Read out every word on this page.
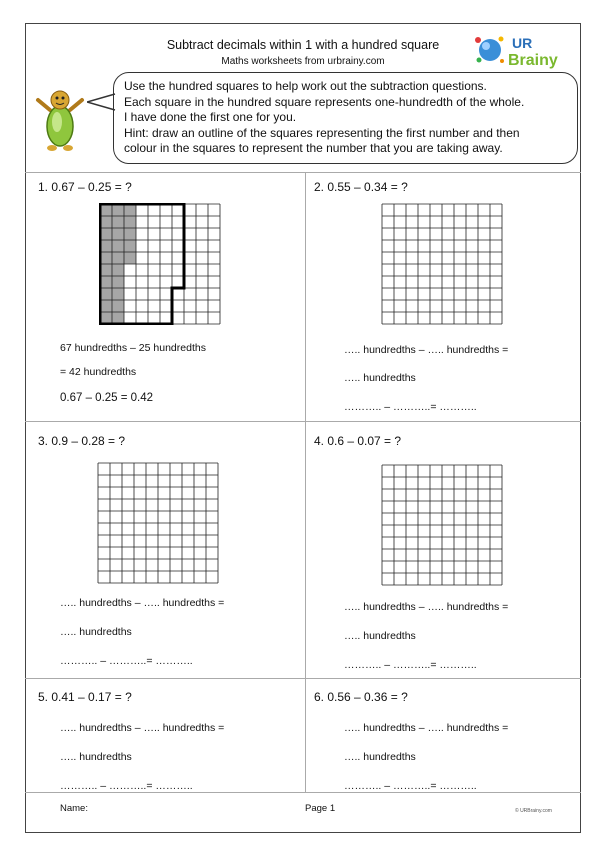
Subtract decimals within 1 with a hundred square
Maths worksheets from urbrainy.com
UR
Brainy
Use the hundred squares to help work out the subtraction questions.
Each square in the hundred square represents one-hundredth of the whole.
I have done the first one for you.
Hint: draw an outline of the squares representing the first number and then
colour in the squares to represent the number that you are taking away.
1. 0.67 – 0.25 = ?
67 hundredths – 25 hundredths
= 42 hundredths
0.67 – 0.25 = 0.42
2. 0.55 – 0.34 = ?
….. hundredths – ….. hundredths =
….. hundredths
……….. – ………..= ………..
3. 0.9 – 0.28 = ?
….. hundredths – ….. hundredths =
….. hundredths
……….. – ………..= ………..
4. 0.6 – 0.07 = ?
….. hundredths – ….. hundredths =
….. hundredths
……….. – ………..= ………..
5. 0.41 – 0.17 = ?
….. hundredths – ….. hundredths =
….. hundredths
……….. – ………..= ………..
6. 0.56 – 0.36 = ?
….. hundredths – ….. hundredths =
….. hundredths
……….. – ………..= ………..
Name:	Page 1	© URBrainy.com
